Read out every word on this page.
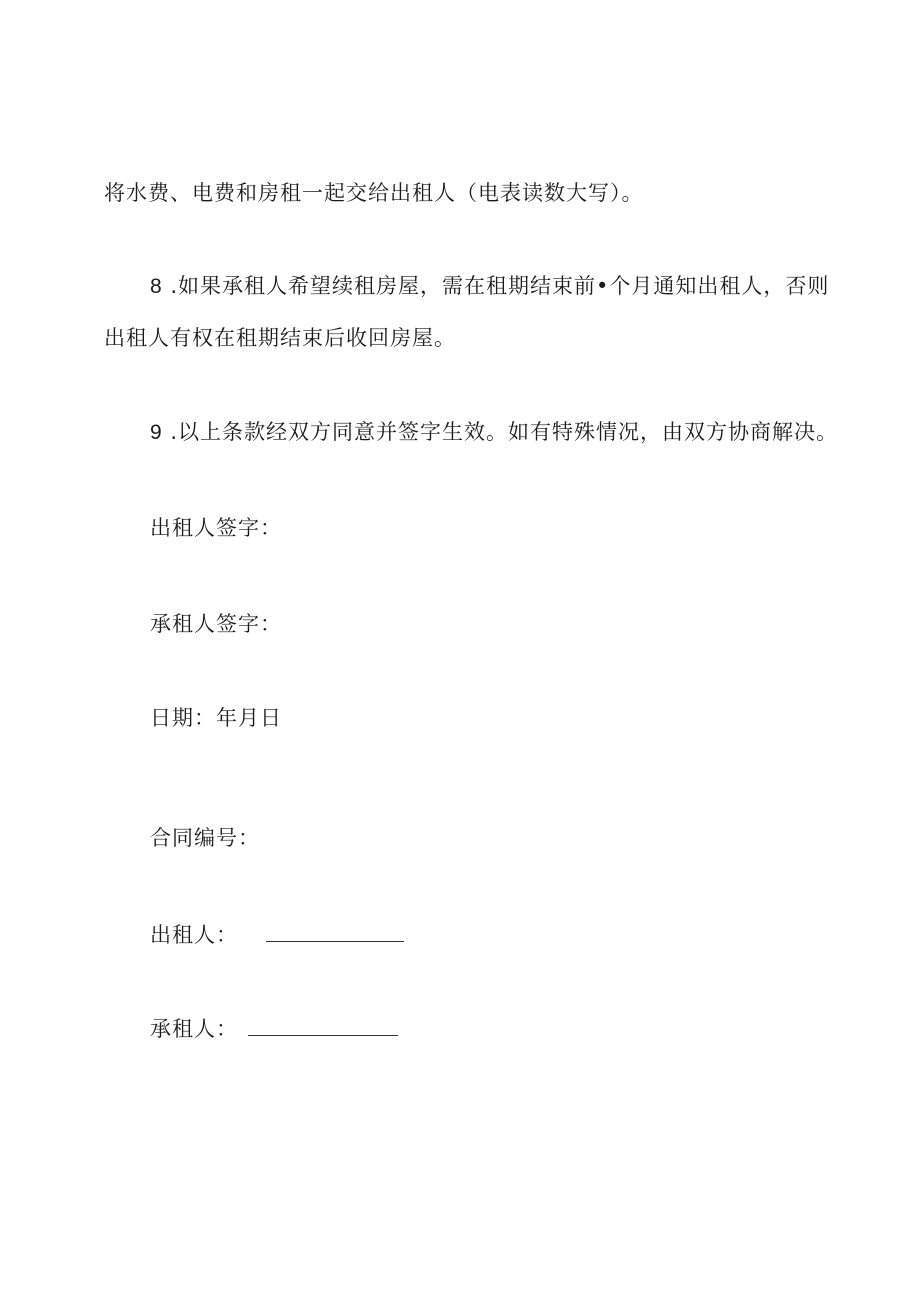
将水费、电费和房租一起交给出租人（电表读数大写）。
8 .如果承租人希望续租房屋，需在租期结束前•个月通知出租人，否则
出租人有权在租期结束后收回房屋。
9 .以上条款经双方同意并签字生效。如有特殊情况，由双方协商解决。
出租人签字：
承租人签字：
日期：年月日
合同编号：
出租人：
承租人：
